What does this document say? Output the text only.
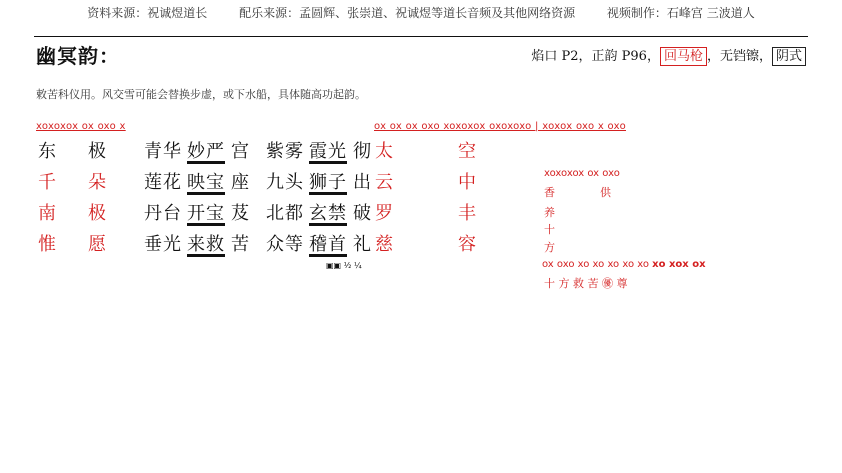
资料来源：祝诚煜道长	配乐来源：孟圆辉、张崇道、祝诚煜等道长音频及其他网络资源	视频制作：石峰宫 三波道人
幽冥韵：	焰口 P2，正韵 P96， 回马枪 ，无铛镲， 阴式
敕苦科仪用。风交雪可能会替换步虚，或下水船，具体随高功起韵。
xoxoxox ox oxo x	ox ox ox oxo xoxoxox oxoxoxo | xoxox oxo x oxo
东 极 青华 妙严 宫 紫雾 霞光 彻 太	空
千 朵 莲花 映宝 座 九头 狮子 出 云	中
南 极 丹台 开宝 芨 北都 玄禁 破 罗	丰
惟 愿 垂光 来救 苦 众等 稽首 礼 慈	容
▣▣ ½ ¼
xoxoxox ox oxo
香	供
养
十
方
ox oxo xo xo xo xo xo xo xox ox
十 方 救 苦 ㊝ 尊
